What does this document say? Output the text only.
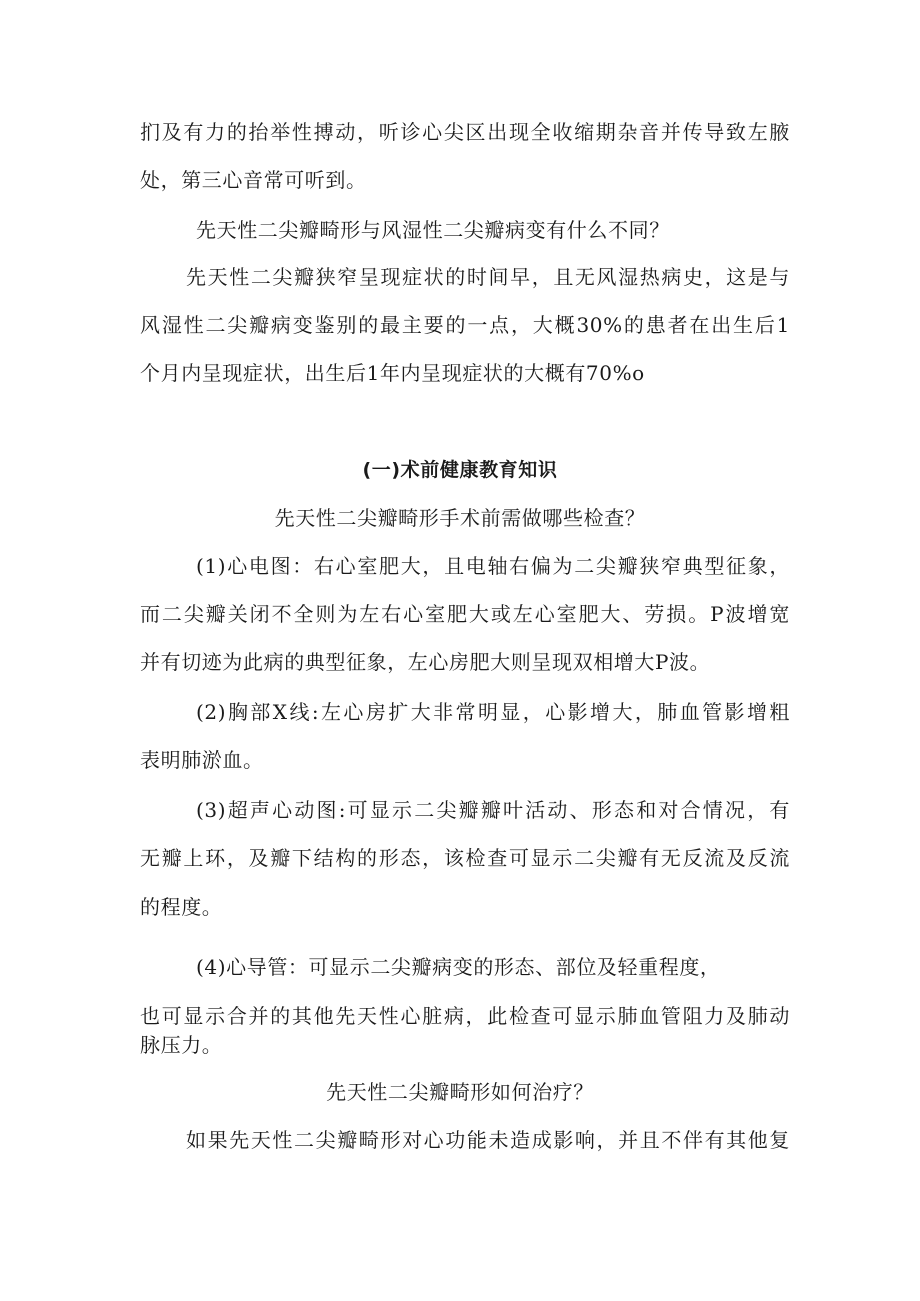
扪及有力的抬举性搏动，听诊心尖区出现全收缩期杂音并传导致左腋

处，第三心音常可听到。

先天性二尖瓣畸形与风湿性二尖瓣病变有什么不同？

先天性二尖瓣狭窄呈现症状的时间早，且无风湿热病史，这是与

风湿性二尖瓣病变鉴别的最主要的一点，大概30%的患者在出生后1

个月内呈现症状，出生后1年内呈现症状的大概有70%o

(一)术前健康教育知识

先天性二尖瓣畸形手术前需做哪些检查？

(1)心电图：右心室肥大，且电轴右偏为二尖瓣狭窄典型征象，

而二尖瓣关闭不全则为左右心室肥大或左心室肥大、劳损。P波增宽

并有切迹为此病的典型征象，左心房肥大则呈现双相增大P波。

(2)胸部X线:左心房扩大非常明显，心影增大，肺血管影增粗

表明肺淤血。

(3)超声心动图:可显示二尖瓣瓣叶活动、形态和对合情况，有

无瓣上环，及瓣下结构的形态，该检查可显示二尖瓣有无反流及反流

的程度。

(4)心导管：可显示二尖瓣病变的形态、部位及轻重程度，

也可显示合并的其他先天性心脏病，此检查可显示肺血管阻力及肺动

脉压力。

先天性二尖瓣畸形如何治疗？

如果先天性二尖瓣畸形对心功能未造成影响，并且不伴有其他复
